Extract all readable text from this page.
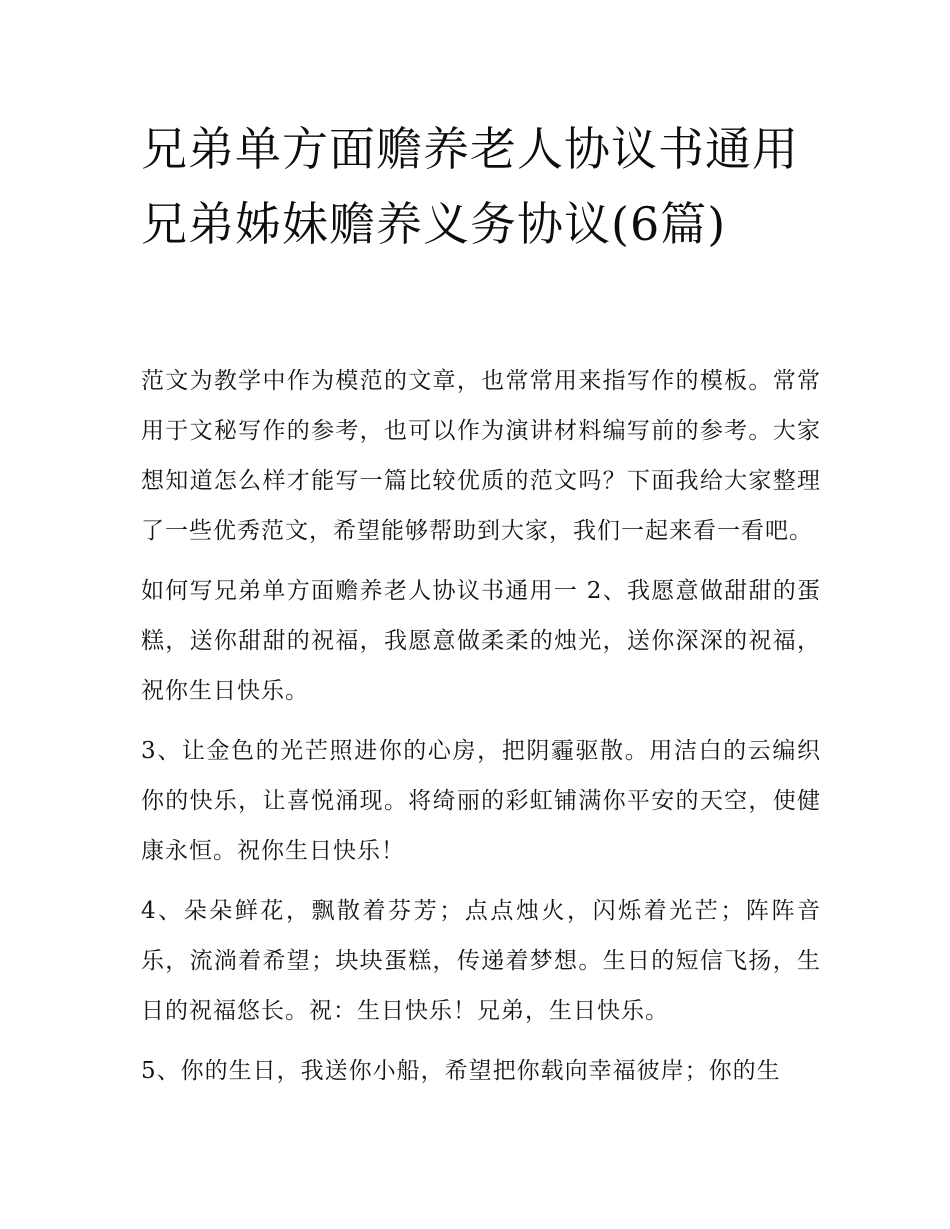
兄弟单方面赡养老人协议书通用 兄弟姊妹赡养义务协议(6篇)

范文为教学中作为模范的文章，也常常用来指写作的模板。常常用于文秘写作的参考，也可以作为演讲材料编写前的参考。大家想知道怎么样才能写一篇比较优质的范文吗？下面我给大家整理了一些优秀范文，希望能够帮助到大家，我们一起来看一看吧。

如何写兄弟单方面赡养老人协议书通用一 2、我愿意做甜甜的蛋糕，送你甜甜的祝福，我愿意做柔柔的烛光，送你深深的祝福，祝你生日快乐。

3、让金色的光芒照进你的心房，把阴霾驱散。用洁白的云编织你的快乐，让喜悦涌现。将绮丽的彩虹铺满你平安的天空，使健康永恒。祝你生日快乐！

4、朵朵鲜花，飘散着芬芳；点点烛火，闪烁着光芒；阵阵音乐，流淌着希望；块块蛋糕，传递着梦想。生日的短信飞扬，生日的祝福悠长。祝：生日快乐！兄弟，生日快乐。

5、你的生日，我送你小船，希望把你载向幸福彼岸；你的生
